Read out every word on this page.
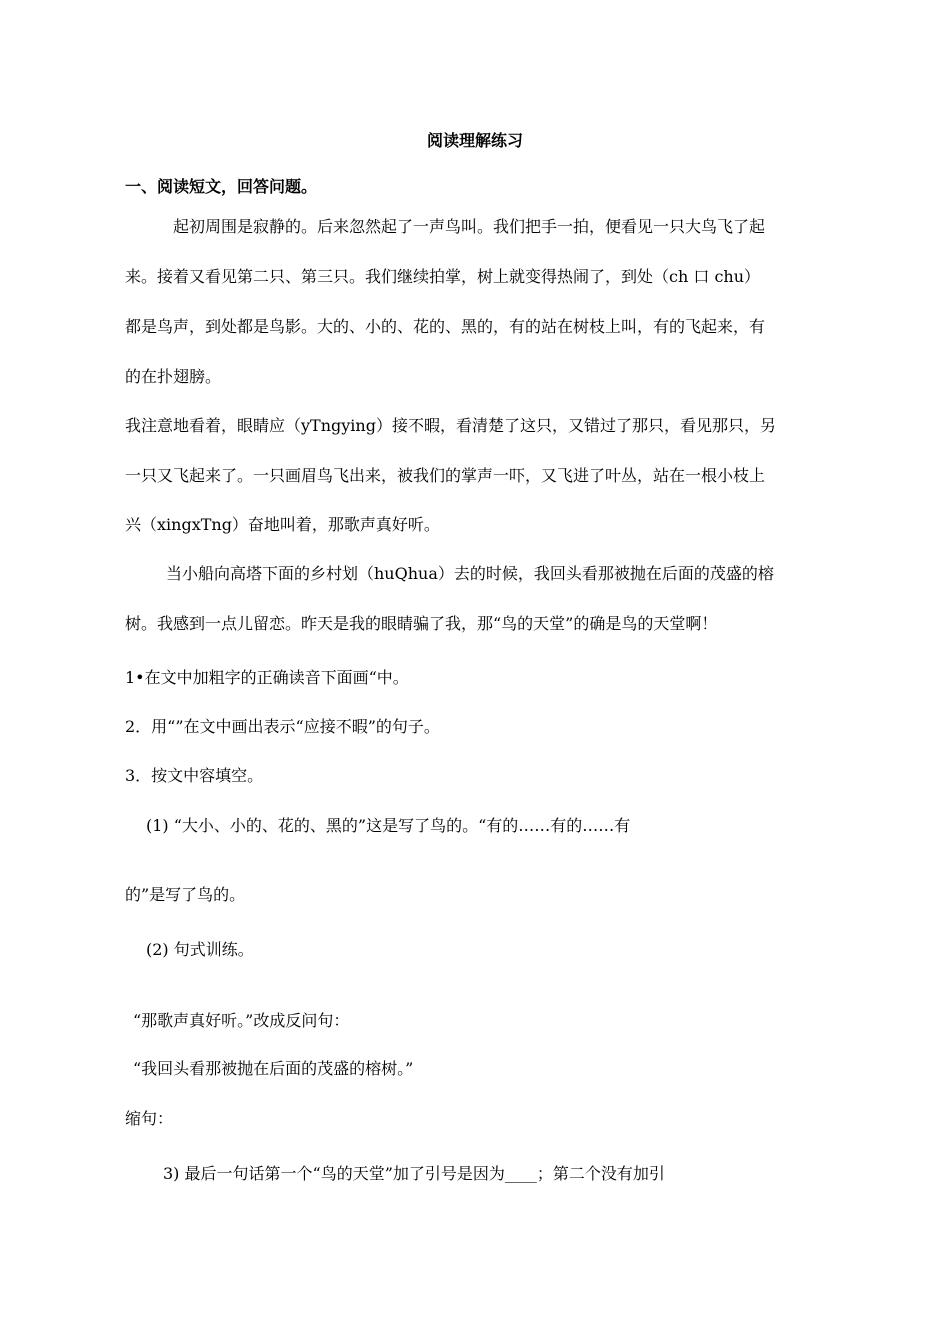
阅读理解练习
一、阅读短文，回答问题。
起初周围是寂静的。后来忽然起了一声鸟叫。我们把手一拍，便看见一只大鸟飞了起
来。接着又看见第二只、第三只。我们继续拍掌，树上就变得热闹了，到处（ch 口 chu）
都是鸟声，到处都是鸟影。大的、小的、花的、黑的，有的站在树枝上叫，有的飞起来，有
的在扑翅膀。
我注意地看着，眼睛应（yTngying）接不暇，看清楚了这只，又错过了那只，看见那只，另
一只又飞起来了。一只画眉鸟飞出来，被我们的掌声一吓，又飞进了叶丛，站在一根小枝上
兴（xingxTng）奋地叫着，那歌声真好听。
当小船向高塔下面的乡村划（huQhua）去的时候，我回头看那被抛在后面的茂盛的榕
树。我感到一点儿留恋。昨天是我的眼睛骗了我，那“鸟的天堂”的确是鸟的天堂啊！
1•在文中加粗字的正确读音下面画“中。
2．用“”在文中画出表示“应接不暇”的句子。
3．按文中容填空。
(1) “大小、小的、花的、黑的”这是写了鸟的。“有的……有的……有
的”是写了鸟的。
(2) 句式训练。
“那歌声真好听。”改成反问句：
“我回头看那被抛在后面的茂盛的榕树。”
缩句：
3) 最后一句话第一个“鸟的天堂”加了引号是因为____；第二个没有加引
